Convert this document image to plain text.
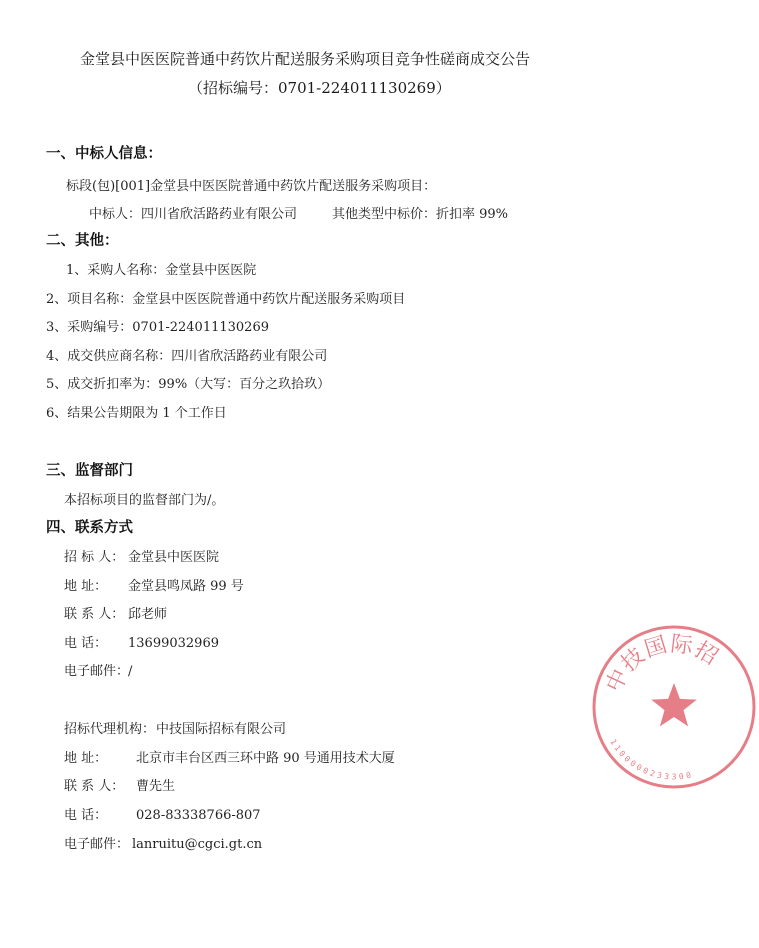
金堂县中医医院普通中药饮片配送服务采购项目竞争性磋商成交公告
（招标编号：0701-224011130269）
一、中标人信息：
标段(包)[001]金堂县中医医院普通中药饮片配送服务采购项目：
中标人：四川省欣活路药业有限公司	其他类型中标价：折扣率 99%
二、其他：
1、采购人名称：金堂县中医医院
2、项目名称：金堂县中医医院普通中药饮片配送服务采购项目
3、采购编号：0701-224011130269
4、成交供应商名称：四川省欣活路药业有限公司
5、成交折扣率为：99%（大写：百分之玖拾玖）
6、结果公告期限为 1 个工作日
三、监督部门
本招标项目的监督部门为/。
四、联系方式
招 标 人： 金堂县中医医院
地 址： 金堂县鸣凤路 99 号
联 系 人： 邱老师
电 话： 13699032969
电子邮件：
/
招标代理机构： 中技国际招标有限公司
地 址： 北京市丰台区西三环中路 90 号通用技术大厦
联 系 人： 曹先生
电 话： 028-83338766-807
电子邮件： lanruitu@cgci.gt.cn
中
技
国 际
招
1
1
0
0
0
0
0 2 3 3 3 0 0
